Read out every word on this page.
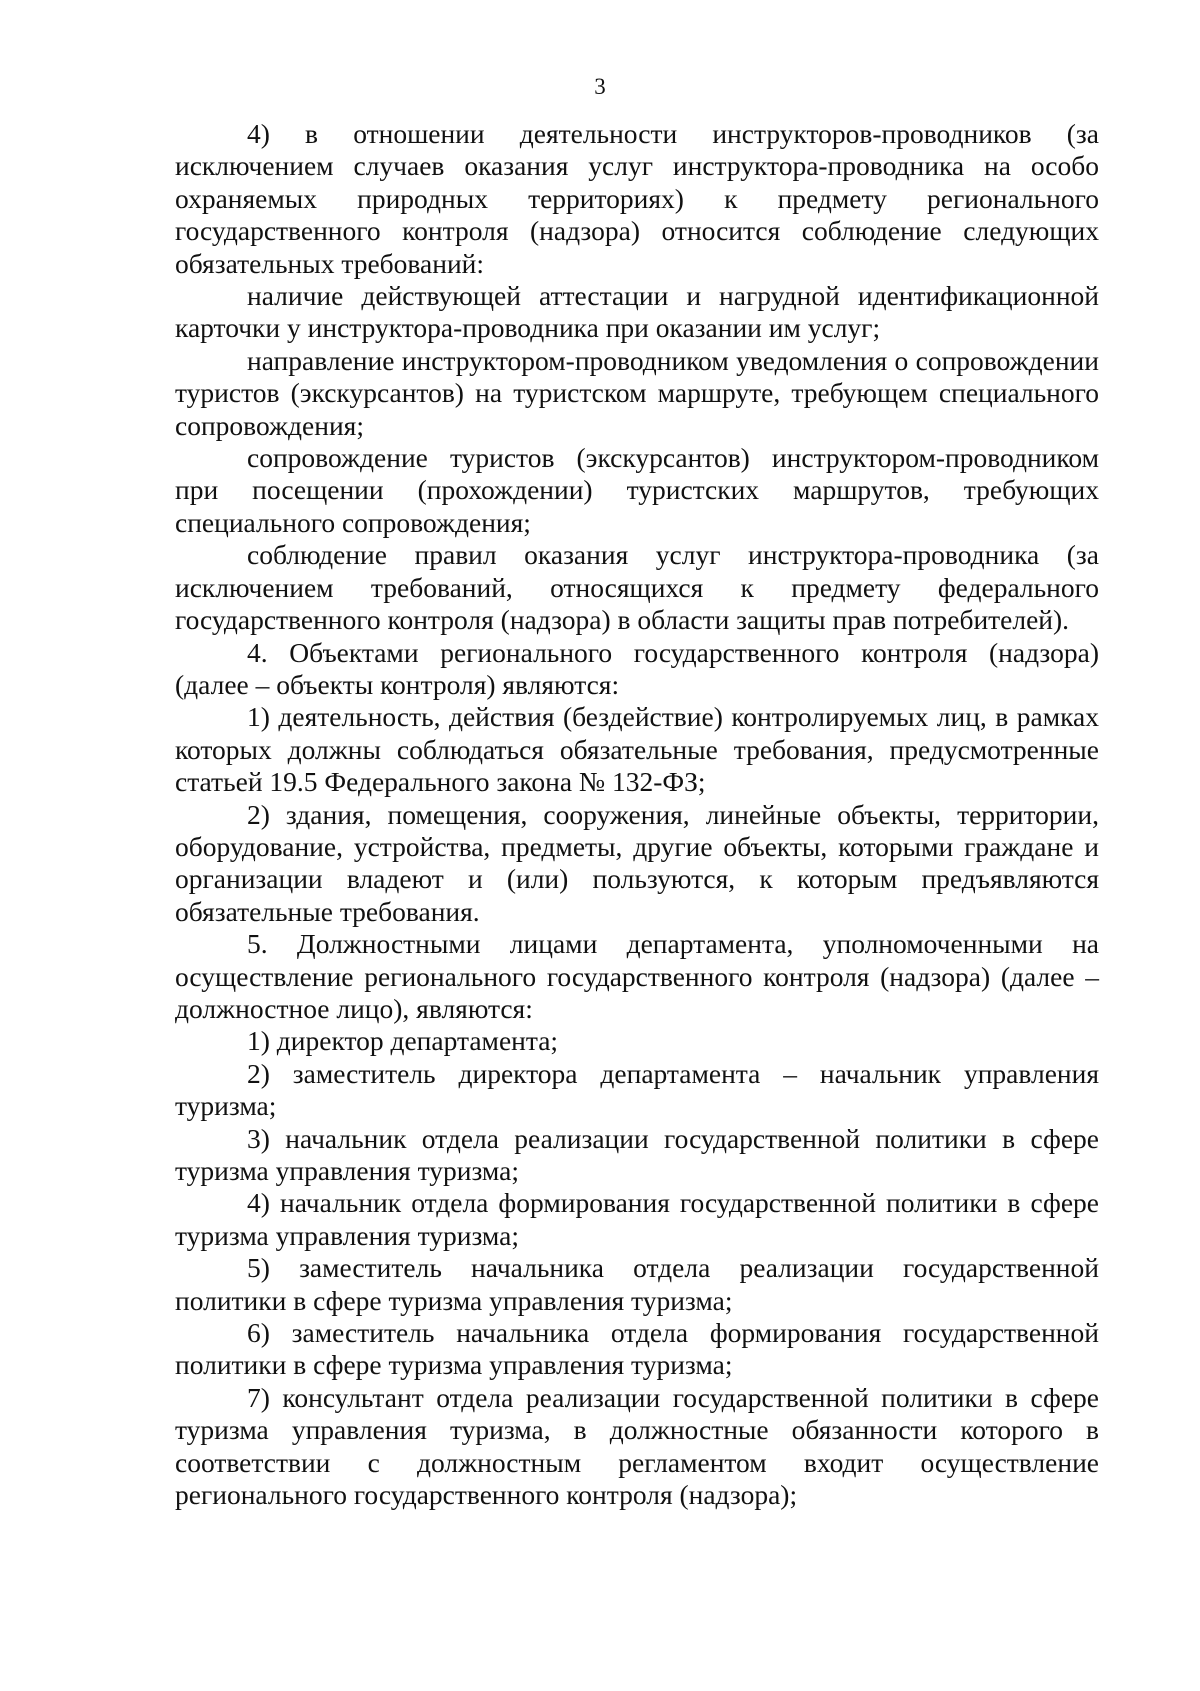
3

4) в отношении деятельности инструкторов-проводников (за исключением случаев оказания услуг инструктора-проводника на особо охраняемых природных территориях) к предмету регионального государственного контроля (надзора) относится соблюдение следующих обязательных требований:

наличие действующей аттестации и нагрудной идентификационной карточки у инструктора-проводника при оказании им услуг;

направление инструктором-проводником уведомления о сопровождении туристов (экскурсантов) на туристском маршруте, требующем специального сопровождения;

сопровождение туристов (экскурсантов) инструктором-проводником при посещении (прохождении) туристских маршрутов, требующих специального сопровождения;

соблюдение правил оказания услуг инструктора-проводника (за исключением требований, относящихся к предмету федерального государственного контроля (надзора) в области защиты прав потребителей).

4. Объектами регионального государственного контроля (надзора) (далее – объекты контроля) являются:

1) деятельность, действия (бездействие) контролируемых лиц, в рамках которых должны соблюдаться обязательные требования, предусмотренные статьей 19.5 Федерального закона № 132-ФЗ;

2) здания, помещения, сооружения, линейные объекты, территории, оборудование, устройства, предметы, другие объекты, которыми граждане и организации владеют и (или) пользуются, к которым предъявляются обязательные требования.

5. Должностными лицами департамента, уполномоченными на осуществление регионального государственного контроля (надзора) (далее – должностное лицо), являются:

1) директор департамента;

2) заместитель директора департамента – начальник управления туризма;

3) начальник отдела реализации государственной политики в сфере туризма управления туризма;

4) начальник отдела формирования государственной политики в сфере туризма управления туризма;

5) заместитель начальника отдела реализации государственной политики в сфере туризма управления туризма;

6) заместитель начальника отдела формирования государственной политики в сфере туризма управления туризма;

7) консультант отдела реализации государственной политики в сфере туризма управления туризма, в должностные обязанности которого в соответствии с должностным регламентом входит осуществление регионального государственного контроля (надзора);
